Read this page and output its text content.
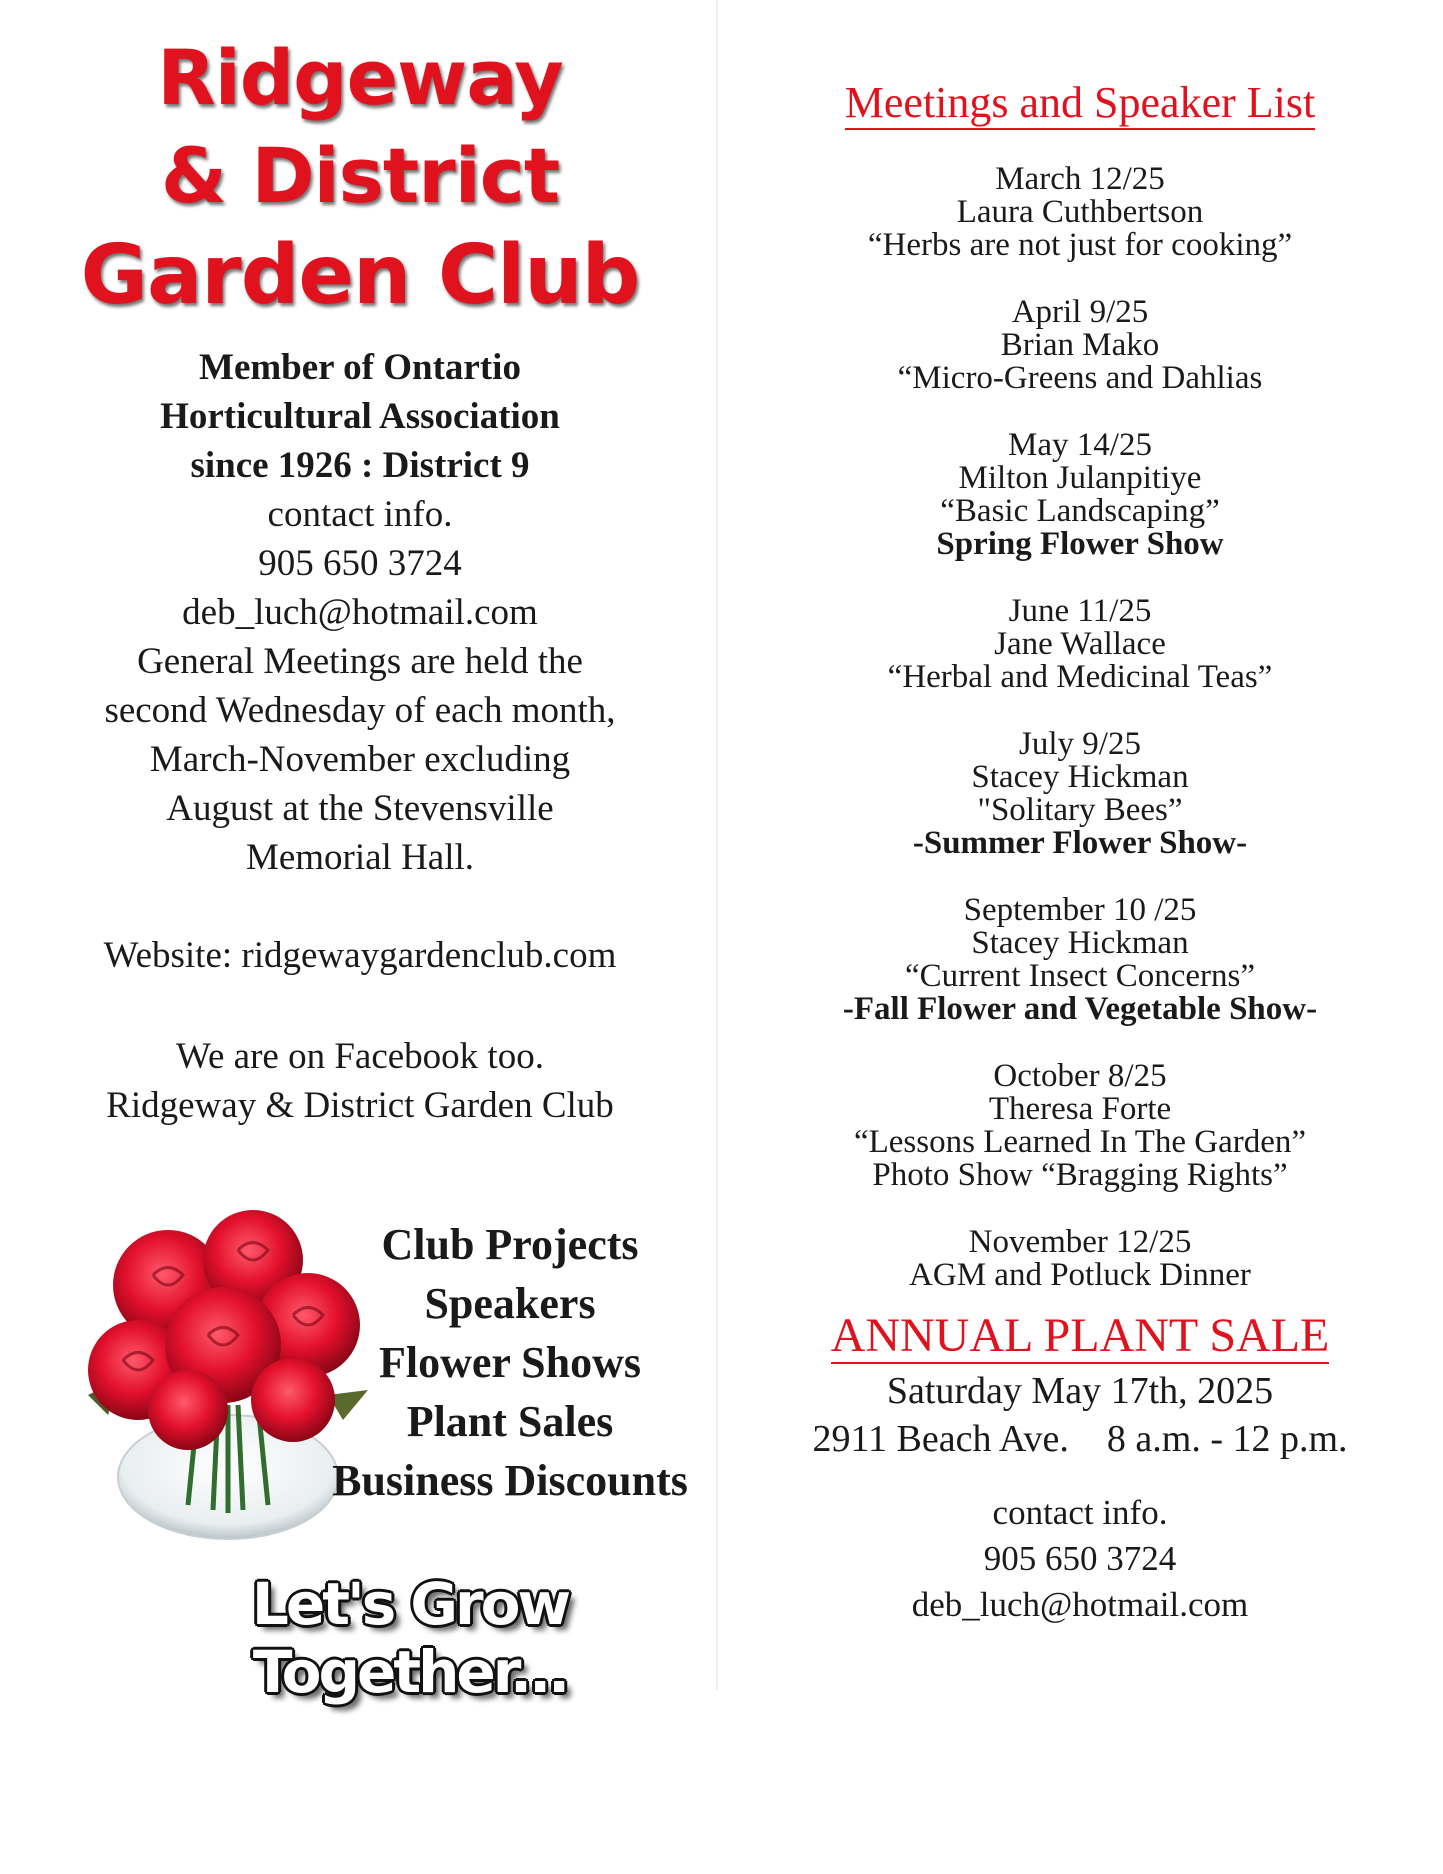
Ridgeway
& District
Garden Club
Member of Ontartio
Horticultural Association
since 1926 : District 9
contact info.
905 650 3724
deb_luch@hotmail.com
General Meetings are held the
second Wednesday of each month,
March-November excluding
August at the Stevensville
Memorial Hall.
Website: ridgewaygardenclub.com
We are on Facebook too.
Ridgeway & District Garden Club
Club Projects
Speakers
Flower Shows
Plant Sales
Business Discounts
Let's Grow Together...
Meetings and Speaker List
March 12/25
Laura Cuthbertson
“Herbs are not just for cooking”
April 9/25
Brian Mako
“Micro-Greens and Dahlias
May 14/25
Milton Julanpitiye
“Basic Landscaping”
Spring Flower Show
June 11/25
Jane Wallace
“Herbal and Medicinal Teas”
July 9/25
Stacey Hickman
"Solitary Bees”
-Summer Flower Show-
September 10 /25
Stacey Hickman
“Current Insect Concerns”
-Fall Flower and Vegetable Show-
October 8/25
Theresa Forte
“Lessons Learned In The Garden”
Photo Show “Bragging Rights”
November 12/25
AGM and Potluck Dinner
ANNUAL PLANT SALE
Saturday May 17th, 2025
2911 Beach Ave.    8 a.m. - 12 p.m.
contact info.
905 650 3724
deb_luch@hotmail.com
